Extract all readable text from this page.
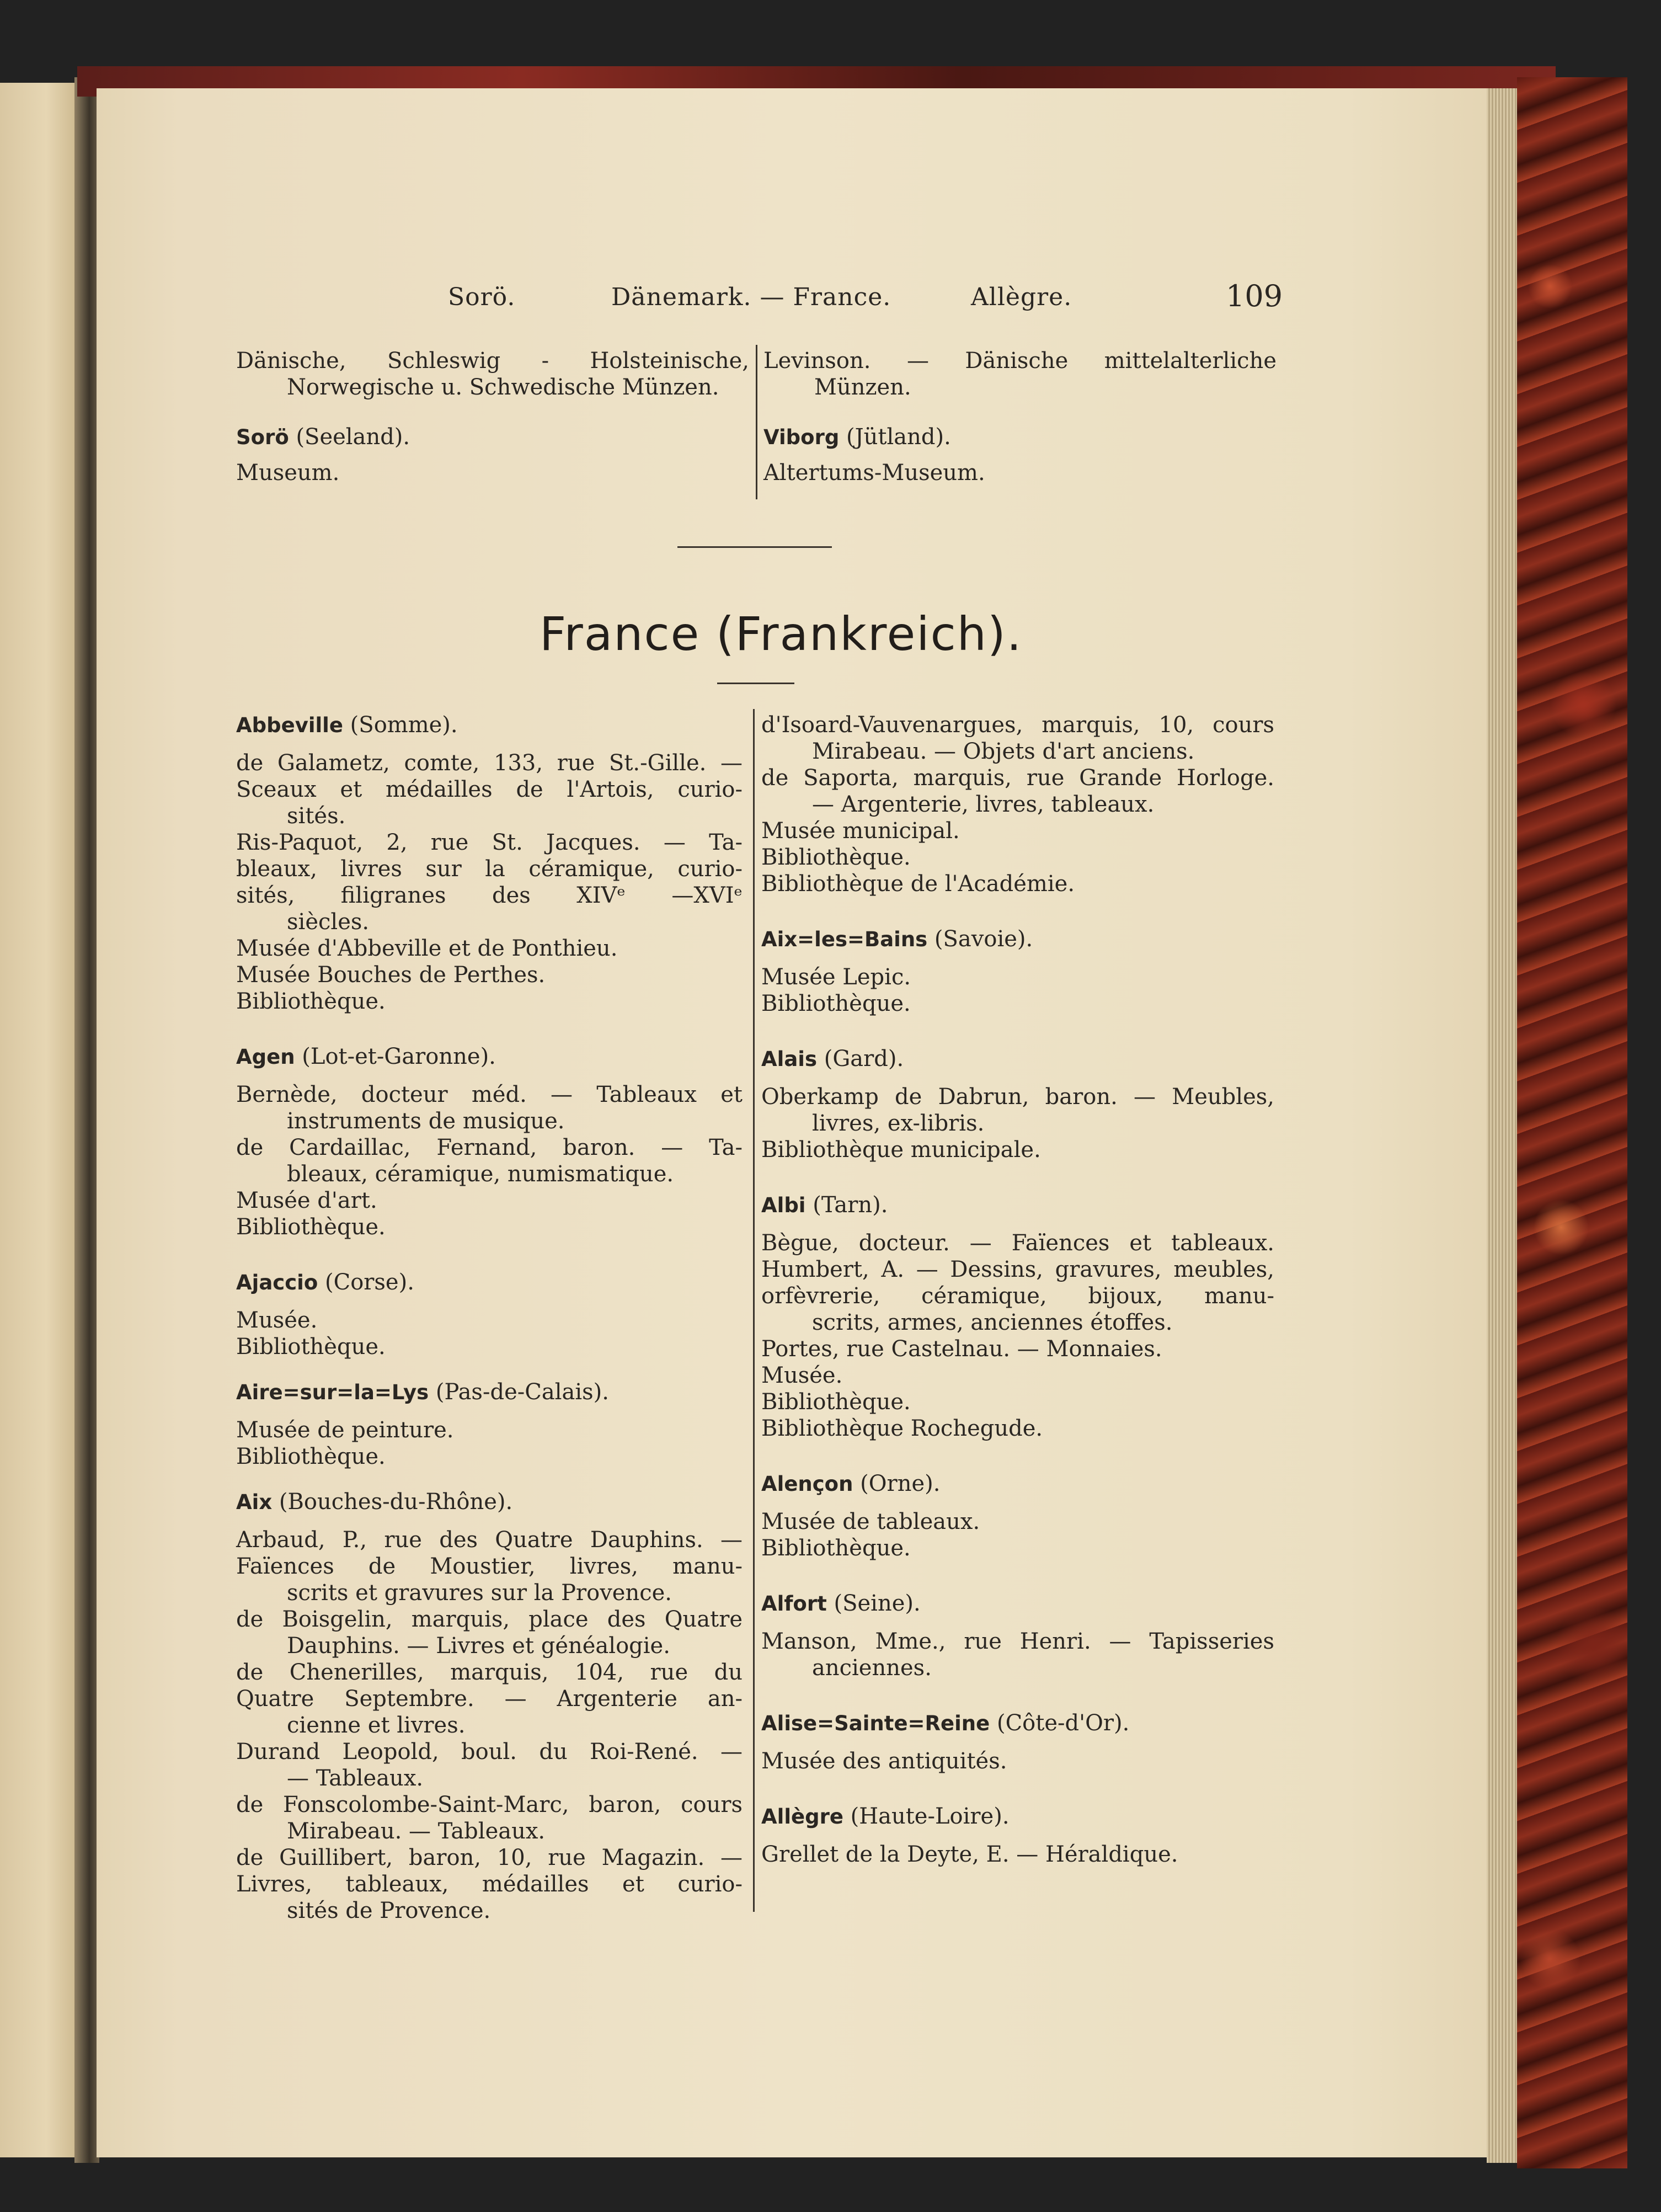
Sorö.	Dänemark. — France.	Allègre.	109
Dänische, Schleswig - Holsteinische,
Norwegische u. Schwedische Münzen.
Sorö (Seeland).
Museum.
Levinson. — Dänische mittelalterliche
Münzen.
Viborg (Jütland).
Altertums-Museum.
France (Frankreich).
Abbeville (Somme).
de Galametz, comte, 133, rue St.-Gille. —
Sceaux et médailles de l'Artois, curio-
sités.
Ris-Paquot, 2, rue St. Jacques. — Ta-
bleaux, livres sur la céramique, curio-
sités, filigranes des XIVᵉ —XVIᵉ
siècles.
Musée d'Abbeville et de Ponthieu.
Musée Bouches de Perthes.
Bibliothèque.
Agen (Lot-et-Garonne).
Bernède, docteur méd. — Tableaux et
instruments de musique.
de Cardaillac, Fernand, baron. — Ta-
bleaux, céramique, numismatique.
Musée d'art.
Bibliothèque.
Ajaccio (Corse).
Musée.
Bibliothèque.
Aire=sur=la=Lys (Pas-de-Calais).
Musée de peinture.
Bibliothèque.
Aix (Bouches-du-Rhône).
Arbaud, P., rue des Quatre Dauphins. —
Faïences de Moustier, livres, manu-
scrits et gravures sur la Provence.
de Boisgelin, marquis, place des Quatre
Dauphins. — Livres et généalogie.
de Chenerilles, marquis, 104, rue du
Quatre Septembre. — Argenterie an-
cienne et livres.
Durand Leopold, boul. du Roi-René. —
— Tableaux.
de Fonscolombe-Saint-Marc, baron, cours
Mirabeau. — Tableaux.
de Guillibert, baron, 10, rue Magazin. —
Livres, tableaux, médailles et curio-
sités de Provence.
d'Isoard-Vauvenargues, marquis, 10, cours
Mirabeau. — Objets d'art anciens.
de Saporta, marquis, rue Grande Horloge.
— Argenterie, livres, tableaux.
Musée municipal.
Bibliothèque.
Bibliothèque de l'Académie.
Aix=les=Bains (Savoie).
Musée Lepic.
Bibliothèque.
Alais (Gard).
Oberkamp de Dabrun, baron. — Meubles,
livres, ex-libris.
Bibliothèque municipale.
Albi (Tarn).
Bègue, docteur. — Faïences et tableaux.
Humbert, A. — Dessins, gravures, meubles,
orfèvrerie, céramique, bijoux, manu-
scrits, armes, anciennes étoffes.
Portes, rue Castelnau. — Monnaies.
Musée.
Bibliothèque.
Bibliothèque Rochegude.
Alençon (Orne).
Musée de tableaux.
Bibliothèque.
Alfort (Seine).
Manson, Mme., rue Henri. — Tapisseries
anciennes.
Alise=Sainte=Reine (Côte-d'Or).
Musée des antiquités.
Allègre (Haute-Loire).
Grellet de la Deyte, E. — Héraldique.
